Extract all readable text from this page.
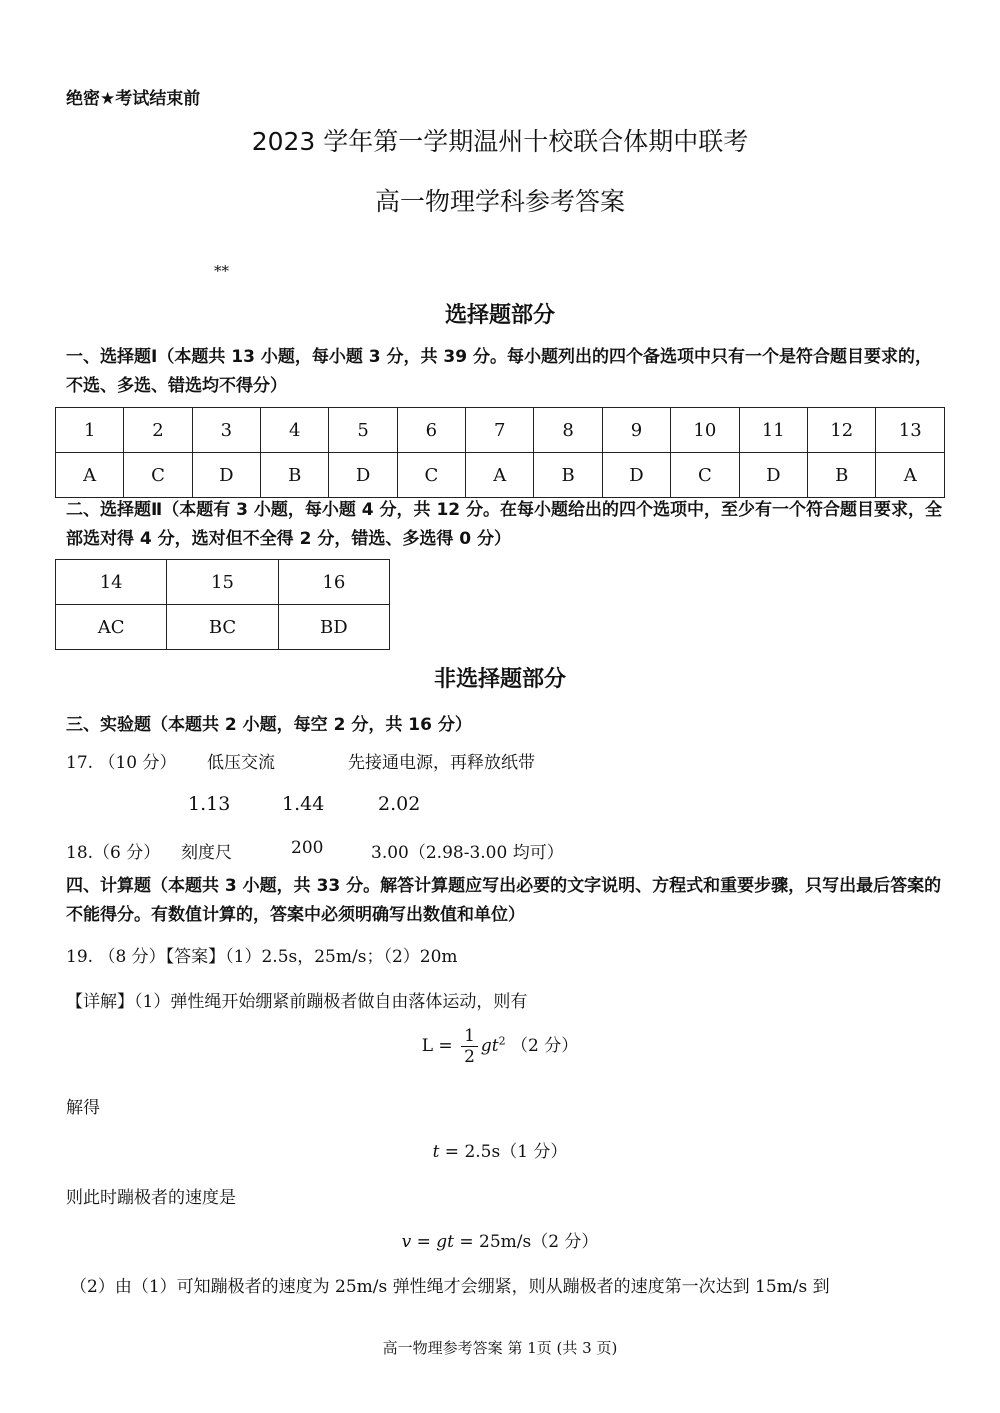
绝密★考试结束前
2023 学年第一学期温州十校联合体期中联考
高一物理学科参考答案
**
选择题部分
一、选择题Ⅰ（本题共 13 小题，每小题 3 分，共 39 分。每小题列出的四个备选项中只有一个是符合题目要求的，不选、多选、错选均不得分）
1	2	3	4	5	6	7	8	9	10	11	12	13
A	C	D	B	D	C	A	B	D	C	D	B	A
二、选择题Ⅱ（本题有 3 小题，每小题 4 分，共 12 分。在每小题给出的四个选项中，至少有一个符合题目要求，全部选对得 4 分，选对但不全得 2 分，错选、多选得 0 分）
14	15	16
AC	BC	BD
非选择题部分
三、实验题（本题共 2 小题，每空 2 分，共 16 分）
17. （10 分） 低压交流	先接通电源，再释放纸带
1.13	1.44	2.02
18.（6 分） 刻度尺	200	3.00（2.98-3.00 均可）
四、计算题（本题共 3 小题，共 33 分。解答计算题应写出必要的文字说明、方程式和重要步骤，只写出最后答案的不能得分。有数值计算的，答案中必须明确写出数值和单位）
19. （8 分）【答案】（1）2.5s，25m/s；（2）20m
【详解】（1）弹性绳开始绷紧前蹦极者做自由落体运动，则有
$L = \frac{1}{2} gt^2$ （2 分）
解得
t = 2.5s（1 分）
则此时蹦极者的速度是
v = gt = 25m/s（2 分）
（2）由（1）可知蹦极者的速度为 25m/s 弹性绳才会绷紧，则从蹦极者的速度第一次达到 15m/s 到
高一物理参考答案 第 1页 (共 3 页)
